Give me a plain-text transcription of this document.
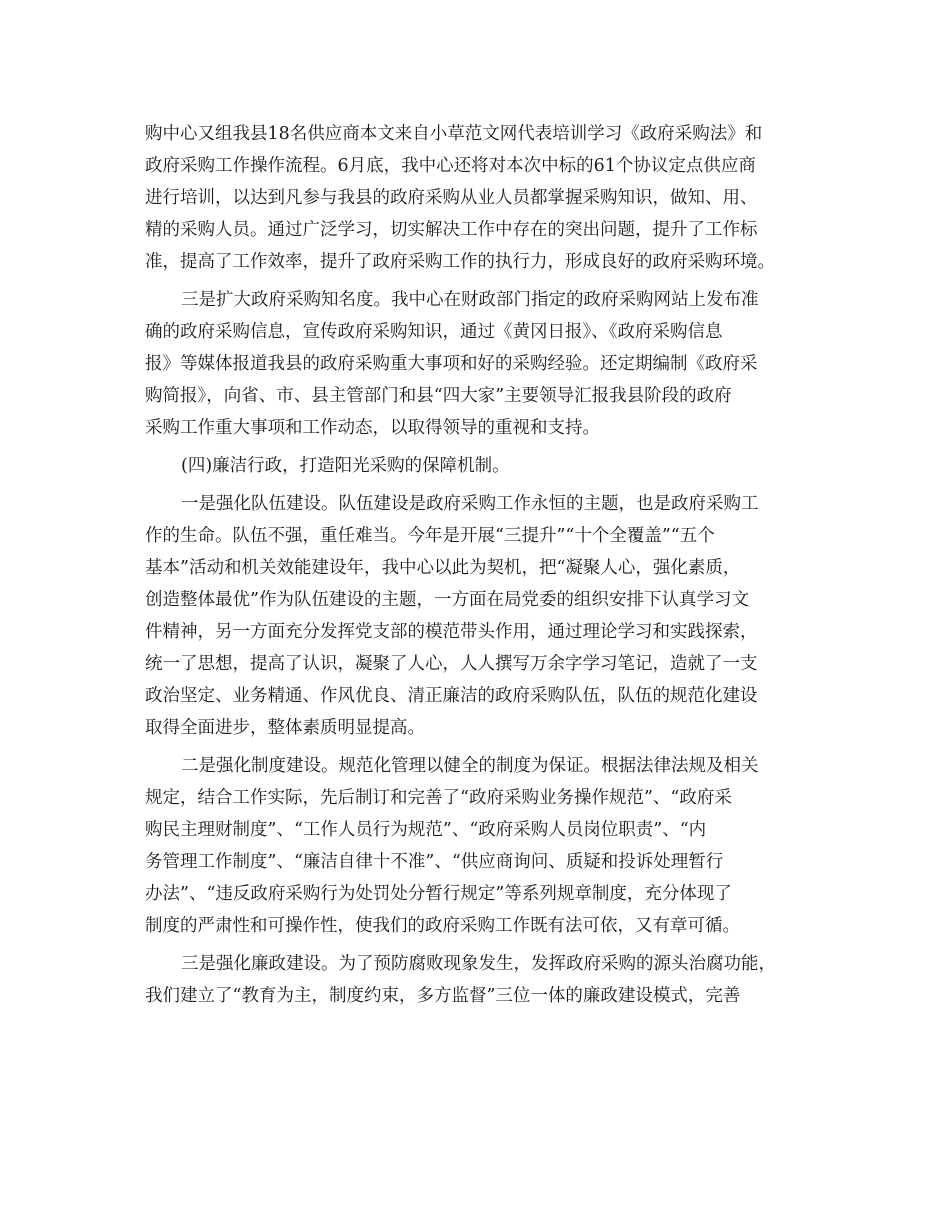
购中心又组我县18名供应商本文来自小草范文网代表培训学习《政府采购法》和
政府采购工作操作流程。6月底，我中心还将对本次中标的61个协议定点供应商
进行培训，以达到凡参与我县的政府采购从业人员都掌握采购知识，做知、用、
精的采购人员。通过广泛学习，切实解决工作中存在的突出问题，提升了工作标
准，提高了工作效率，提升了政府采购工作的执行力，形成良好的政府采购环境。
三是扩大政府采购知名度。我中心在财政部门指定的政府采购网站上发布准
确的政府采购信息，宣传政府采购知识，通过《黄冈日报》、《政府采购信息
报》等媒体报道我县的政府采购重大事项和好的采购经验。还定期编制《政府采
购简报》，向省、市、县主管部门和县“四大家”主要领导汇报我县阶段的政府
采购工作重大事项和工作动态，以取得领导的重视和支持。
(四)廉洁行政，打造阳光采购的保障机制。
一是强化队伍建设。队伍建设是政府采购工作永恒的主题，也是政府采购工
作的生命。队伍不强，重任难当。今年是开展“三提升”“十个全覆盖”“五个
基本”活动和机关效能建设年，我中心以此为契机，把“凝聚人心，强化素质，
创造整体最优”作为队伍建设的主题，一方面在局党委的组织安排下认真学习文
件精神，另一方面充分发挥党支部的模范带头作用，通过理论学习和实践探索，
统一了思想，提高了认识，凝聚了人心，人人撰写万余字学习笔记，造就了一支
政治坚定、业务精通、作风优良、清正廉洁的政府采购队伍，队伍的规范化建设
取得全面进步，整体素质明显提高。
二是强化制度建设。规范化管理以健全的制度为保证。根据法律法规及相关
规定，结合工作实际，先后制订和完善了“政府采购业务操作规范”、“政府采
购民主理财制度”、“工作人员行为规范”、“政府采购人员岗位职责”、“内
务管理工作制度”、“廉洁自律十不准”、“供应商询问、质疑和投诉处理暂行
办法”、“违反政府采购行为处罚处分暂行规定”等系列规章制度，充分体现了
制度的严肃性和可操作性，使我们的政府采购工作既有法可依，又有章可循。
三是强化廉政建设。为了预防腐败现象发生，发挥政府采购的源头治腐功能，
我们建立了“教育为主，制度约束，多方监督”三位一体的廉政建设模式，完善
